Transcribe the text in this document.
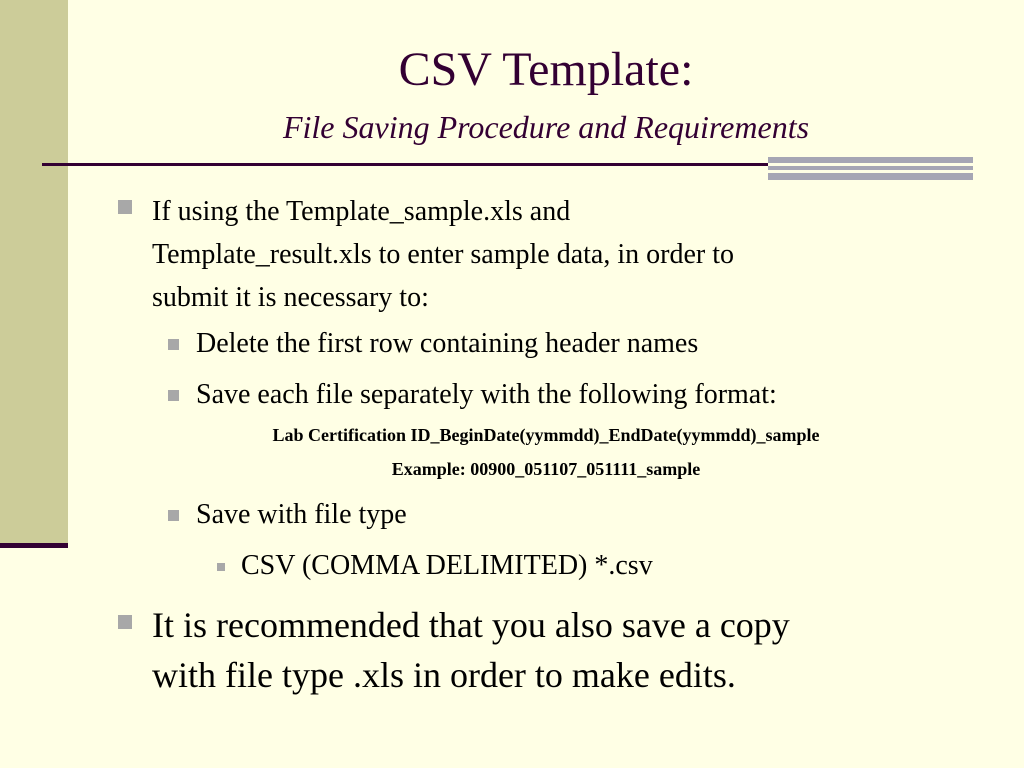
CSV Template:
File Saving Procedure and Requirements
If using the Template_sample.xls and
Template_result.xls to enter sample data, in order to
submit it is necessary to:
Delete the first row containing header names
Save each file separately with the following format:
Lab Certification ID_BeginDate(yymmdd)_EndDate(yymmdd)_sample
Example: 00900_051107_051111_sample
Save with file type
CSV (COMMA DELIMITED) *.csv
It is recommended that you also save a copy
with file type .xls in order to make edits.
